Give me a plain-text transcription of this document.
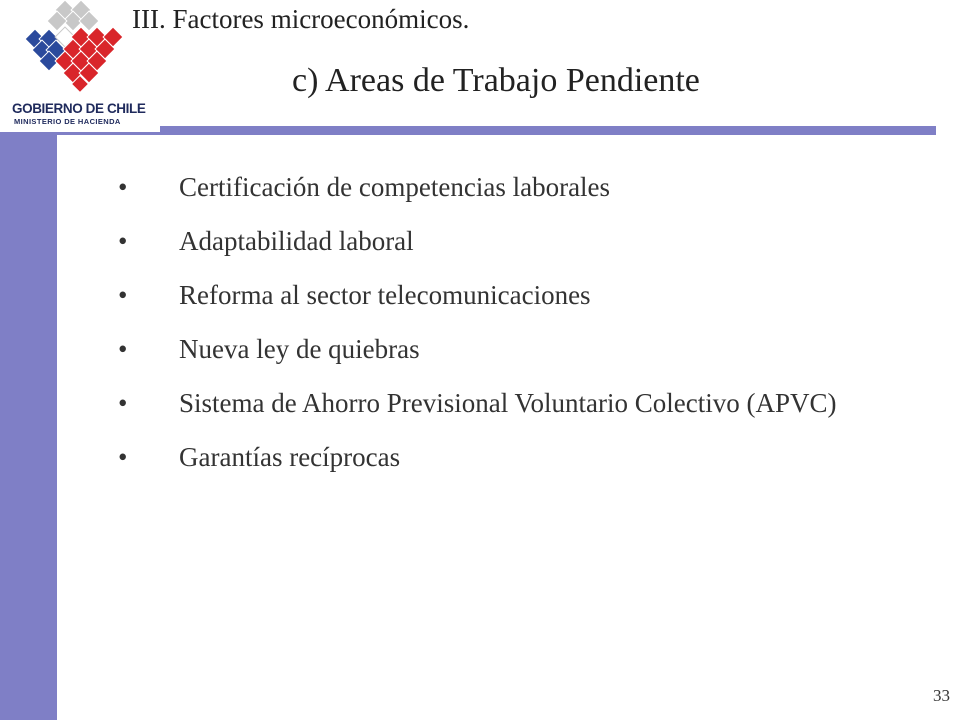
GOBIERNO DE CHILE
MINISTERIO DE HACIENDA
III. Factores microeconómicos.
c) Areas de Trabajo Pendiente
• Certificación de competencias laborales
• Adaptabilidad laboral
• Reforma al sector telecomunicaciones
• Nueva ley de quiebras
• Sistema de Ahorro Previsional Voluntario Colectivo (APVC)
• Garantías recíprocas
33
